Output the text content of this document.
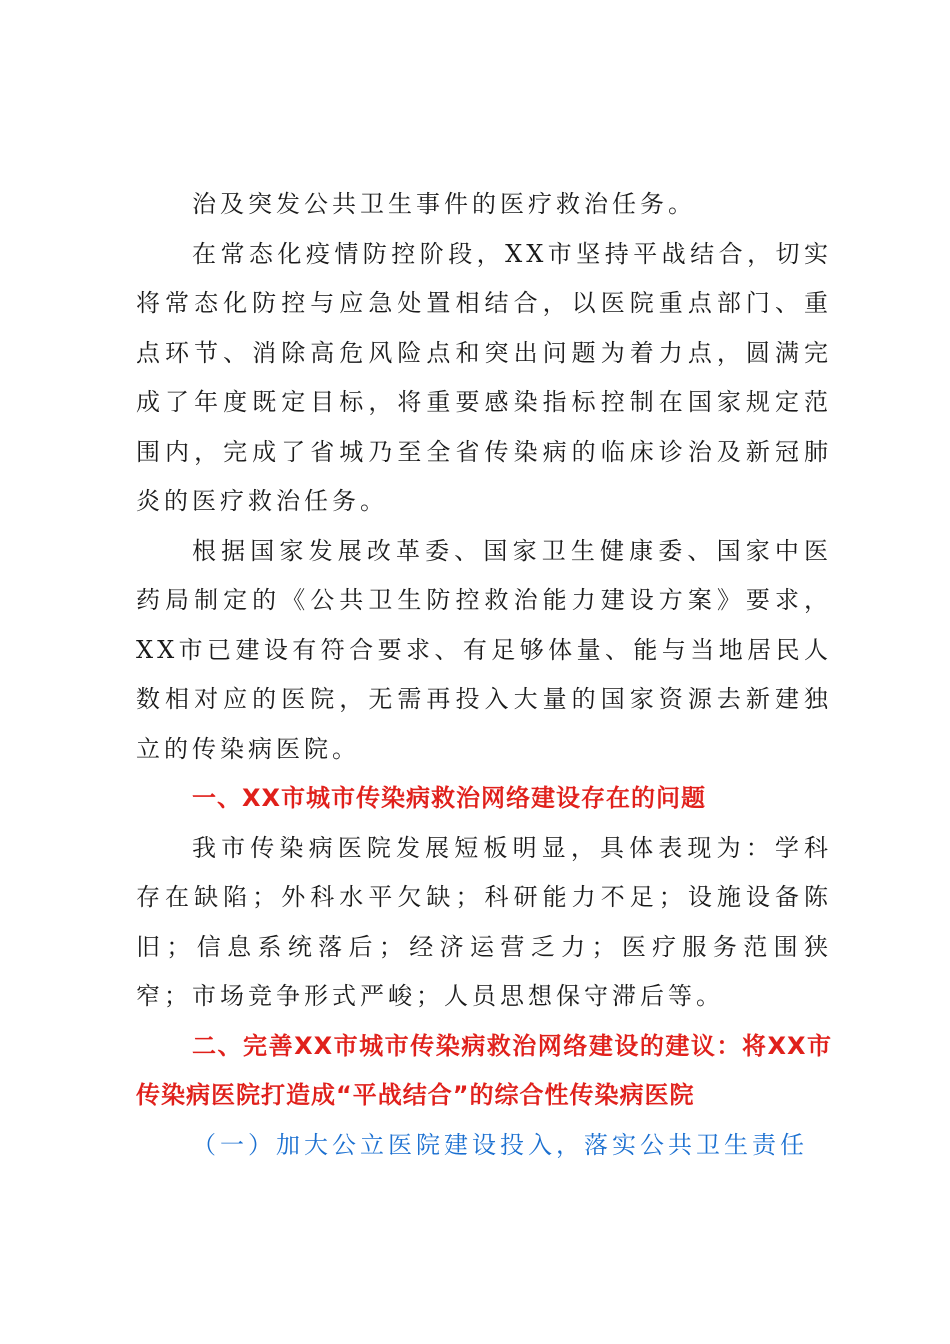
治及突发公共卫生事件的医疗救治任务。

在常态化疫情防控阶段，XX市坚持平战结合，切实将常态化防控与应急处置相结合，以医院重点部门、重点环节、消除高危风险点和突出问题为着力点，圆满完成了年度既定目标，将重要感染指标控制在国家规定范围内，完成了省城乃至全省传染病的临床诊治及新冠肺炎的医疗救治任务。

根据国家发展改革委、国家卫生健康委、国家中医药局制定的《公共卫生防控救治能力建设方案》要求，XX市已建设有符合要求、有足够体量、能与当地居民人数相对应的医院，无需再投入大量的国家资源去新建独立的传染病医院。

一、XX市城市传染病救治网络建设存在的问题

我市传染病医院发展短板明显，具体表现为：学科存在缺陷；外科水平欠缺；科研能力不足；设施设备陈旧；信息系统落后；经济运营乏力；医疗服务范围狭窄；市场竞争形式严峻；人员思想保守滞后等。

二、完善XX市城市传染病救治网络建设的建议：将XX市传染病医院打造成“平战结合”的综合性传染病医院

（一）加大公立医院建设投入，落实公共卫生责任
